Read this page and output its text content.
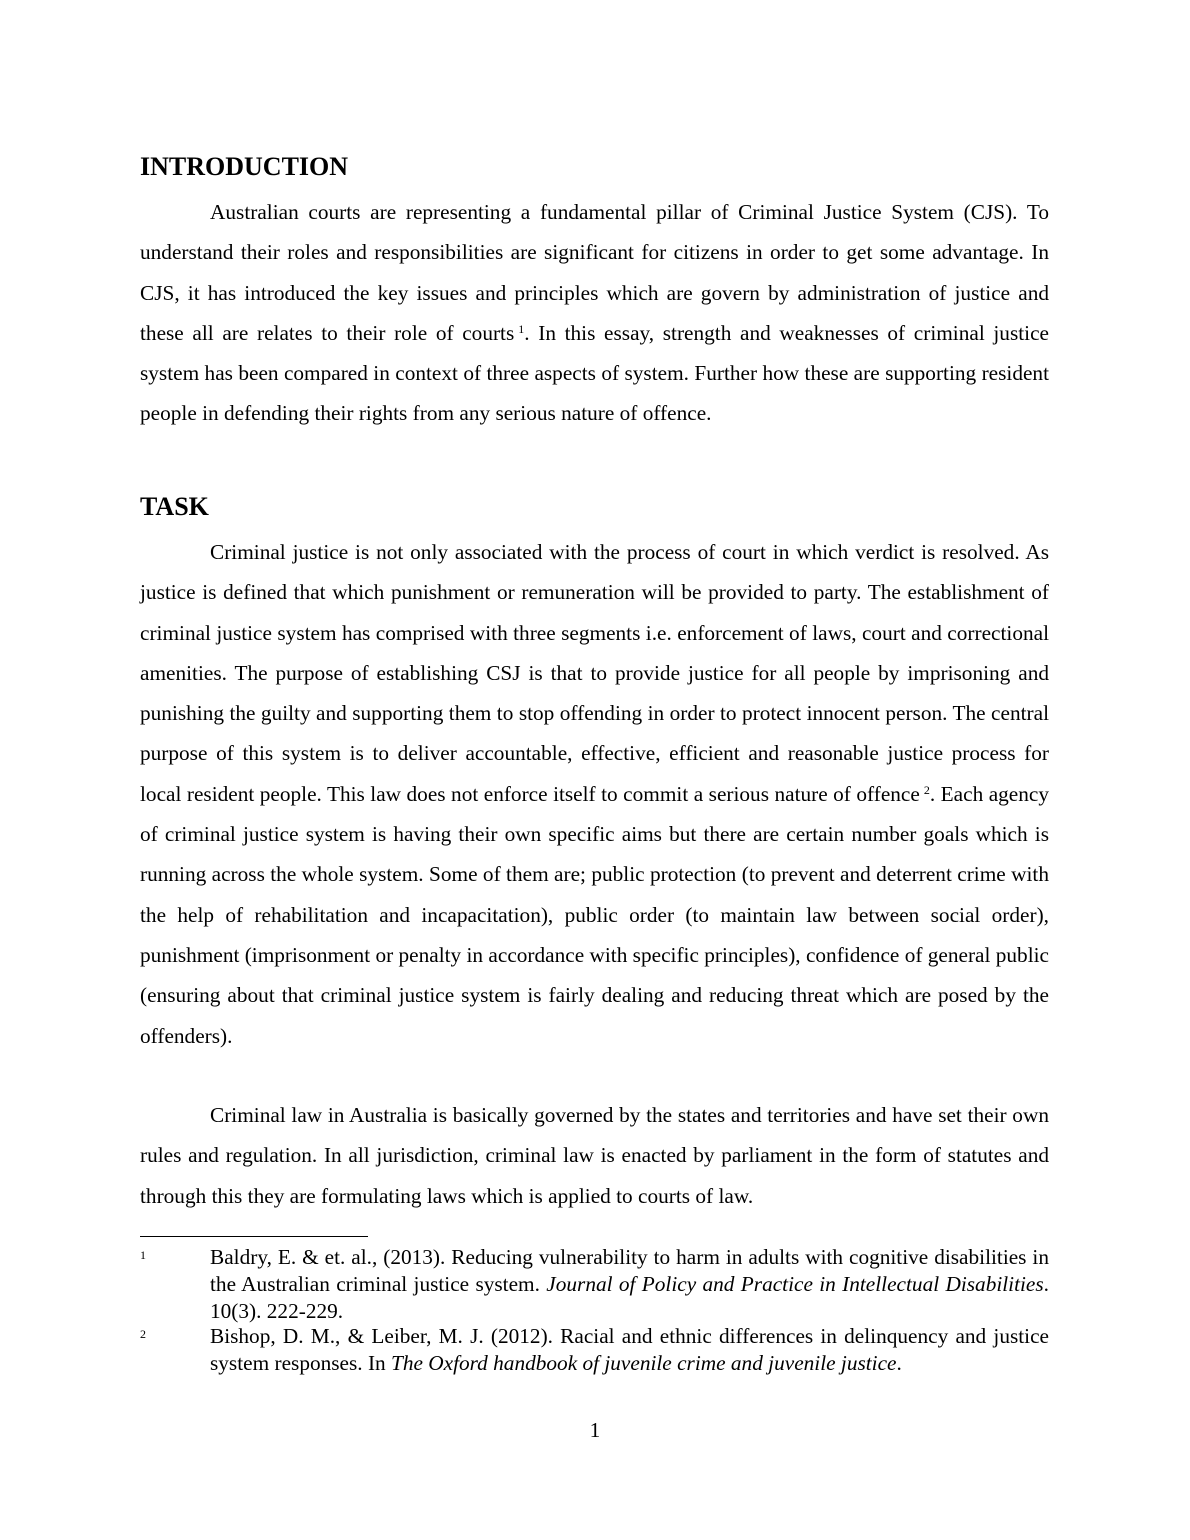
INTRODUCTION

Australian courts are representing a fundamental pillar of Criminal Justice System (CJS). To understand their roles and responsibilities are significant for citizens in order to get some advantage. In CJS, it has introduced the key issues and principles which are govern by administration of justice and these all are relates to their role of courts $^1$. In this essay, strength and weaknesses of criminal justice system has been compared in context of three aspects of system. Further how these are supporting resident people in defending their rights from any serious nature of offence.

TASK

Criminal justice is not only associated with the process of court in which verdict is resolved. As justice is defined that which punishment or remuneration will be provided to party. The establishment of criminal justice system has comprised with three segments i.e. enforcement of laws, court and correctional amenities. The purpose of establishing CSJ is that to provide justice for all people by imprisoning and punishing the guilty and supporting them to stop offending in order to protect innocent person. The central purpose of this system is to deliver accountable, effective, efficient and reasonable justice process for local resident people. This law does not enforce itself to commit a serious nature of offence $^2$. Each agency of criminal justice system is having their own specific aims but there are certain number goals which is running across the whole system. Some of them are; public protection (to prevent and deterrent crime with the help of rehabilitation and incapacitation), public order (to maintain law between social order), punishment (imprisonment or penalty in accordance with specific principles), confidence of general public (ensuring about that criminal justice system is fairly dealing and reducing threat which are posed by the offenders).

Criminal law in Australia is basically governed by the states and territories and have set their own rules and regulation. In all jurisdiction, criminal law is enacted by parliament in the form of statutes and through this they are formulating laws which is applied to courts of law.

1	Baldry, E. & et. al., (2013). Reducing vulnerability to harm in adults with cognitive disabilities in the Australian criminal justice system. Journal of Policy and Practice in Intellectual Disabilities. 10(3). 222-229.
2	Bishop, D. M., & Leiber, M. J. (2012). Racial and ethnic differences in delinquency and justice system responses. In The Oxford handbook of juvenile crime and juvenile justice.
1
